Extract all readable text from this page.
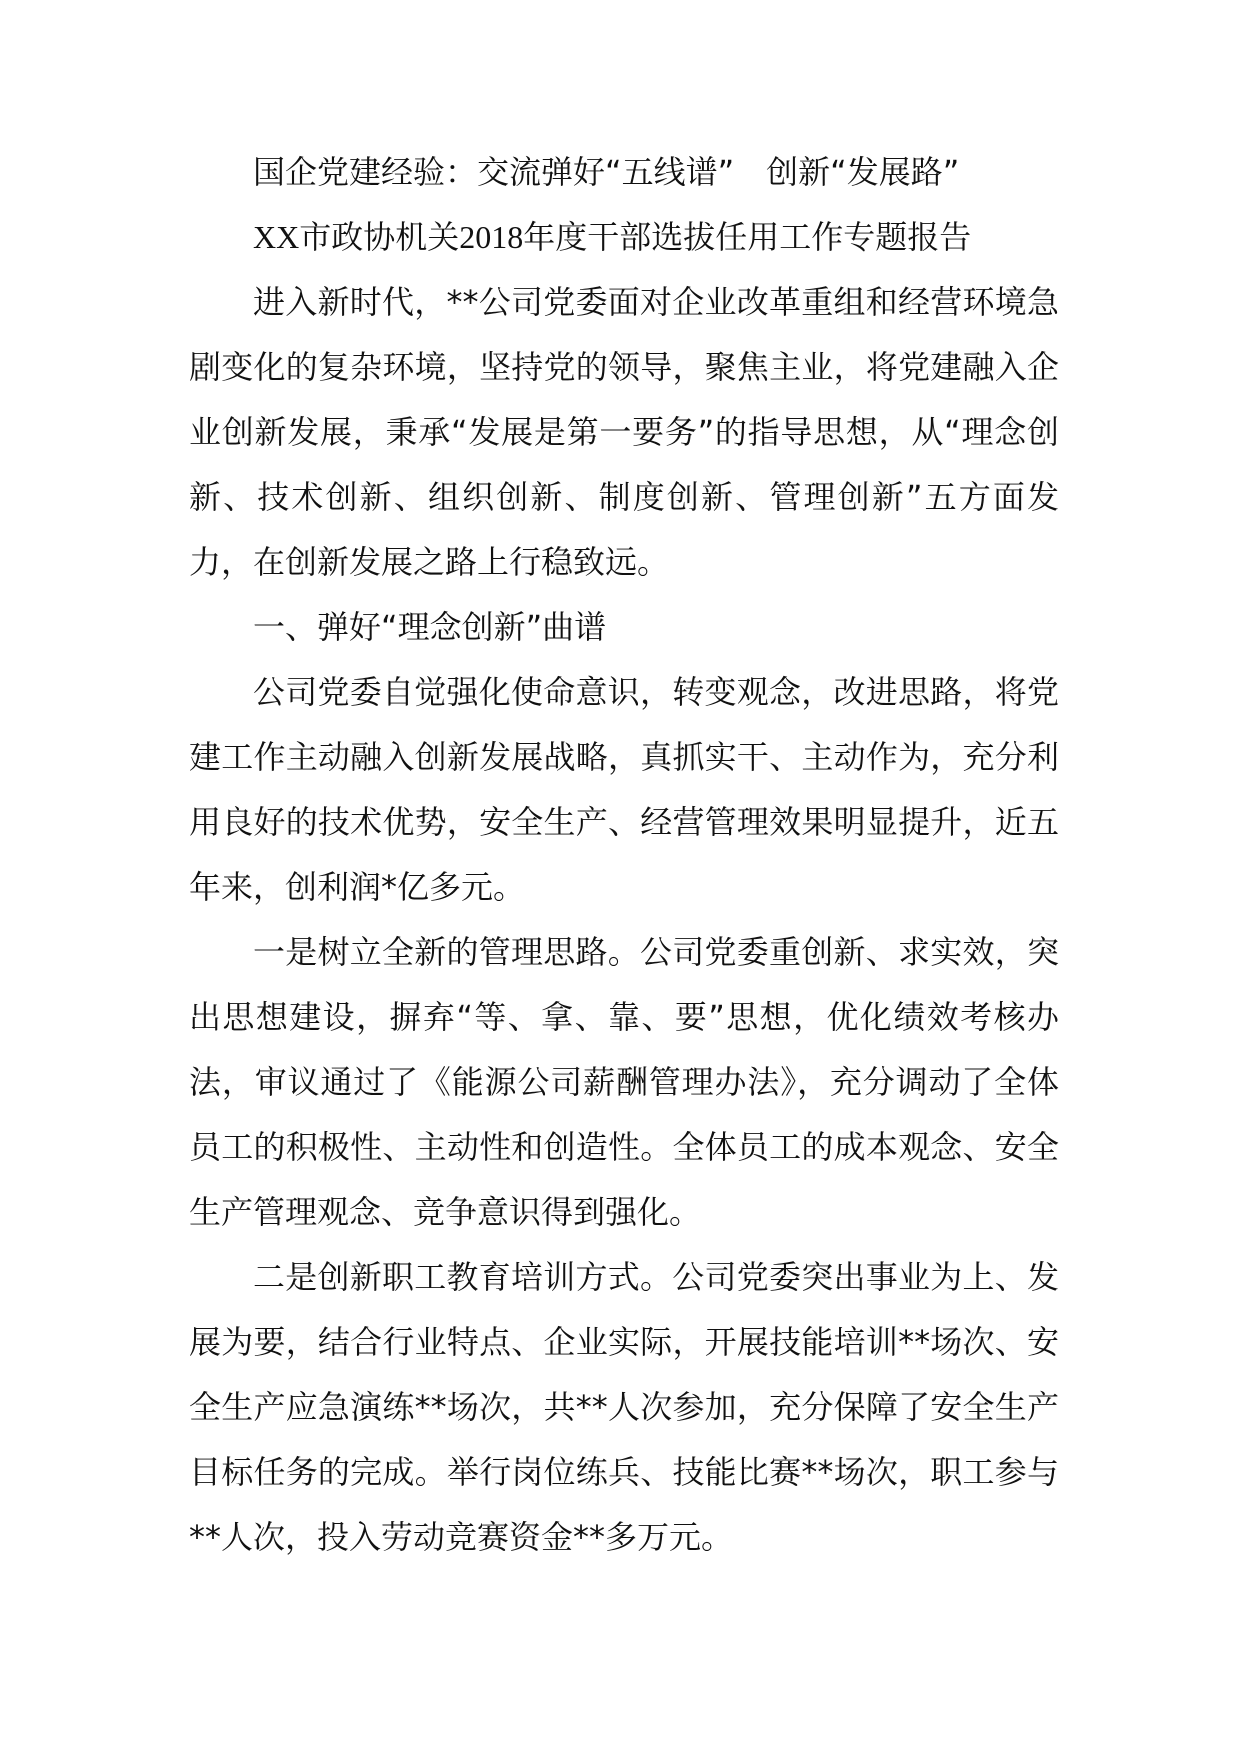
国企党建经验：交流弹好“五线谱”　创新“发展路”

XX市政协机关2018年度干部选拔任用工作专题报告

进入新时代，**公司党委面对企业改革重组和经营环境急剧变化的复杂环境，坚持党的领导，聚焦主业，将党建融入企业创新发展，秉承“发展是第一要务”的指导思想，从“理念创新、技术创新、组织创新、制度创新、管理创新”五方面发力，在创新发展之路上行稳致远。

一、弹好“理念创新”曲谱

公司党委自觉强化使命意识，转变观念，改进思路，将党建工作主动融入创新发展战略，真抓实干、主动作为，充分利用良好的技术优势，安全生产、经营管理效果明显提升，近五年来，创利润*亿多元。

一是树立全新的管理思路。公司党委重创新、求实效，突出思想建设，摒弃“等、拿、靠、要”思想，优化绩效考核办法，审议通过了《能源公司薪酬管理办法》，充分调动了全体员工的积极性、主动性和创造性。全体员工的成本观念、安全生产管理观念、竞争意识得到强化。

二是创新职工教育培训方式。公司党委突出事业为上、发展为要，结合行业特点、企业实际，开展技能培训**场次、安全生产应急演练**场次，共**人次参加，充分保障了安全生产目标任务的完成。举行岗位练兵、技能比赛**场次，职工参与**人次，投入劳动竞赛资金**多万元。
